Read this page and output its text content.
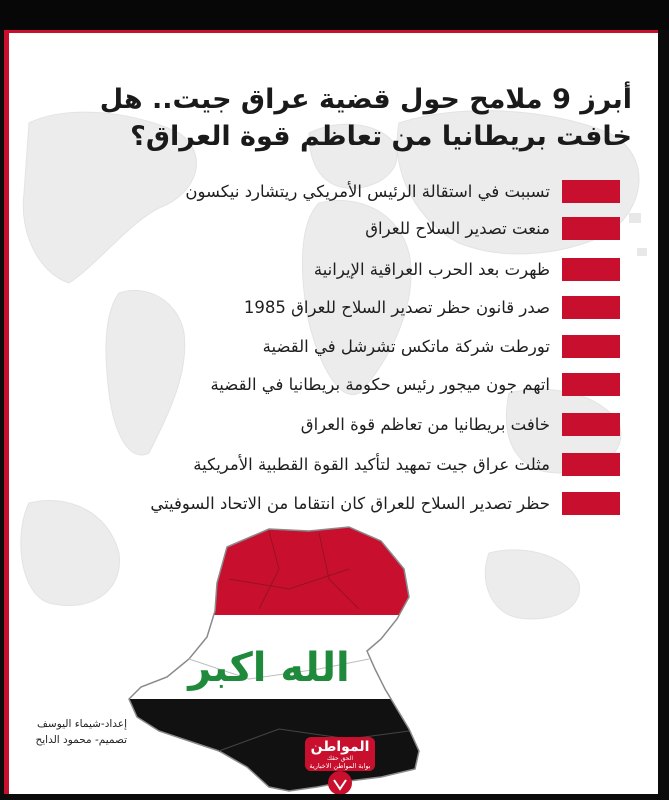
أبرز 9 ملامح حول قضية عراق جيت.. هل خافت بريطانيا من تعاظم قوة العراق؟
تسببت في استقالة الرئيس الأمريكي ريتشارد نيكسون
منعت تصدير السلاح للعراق
ظهرت بعد الحرب العراقية الإيرانية
صدر قانون حظر تصدير السلاح للعراق 1985
تورطت شركة ماتكس تشرشل في القضية
اتهم جون ميجور رئيس حكومة بريطانيا في القضية
خافت بريطانيا من تعاظم قوة العراق
مثلت عراق جيت تمهيد لتأكيد القوة القطبية الأمريكية
حظر تصدير السلاح للعراق كان انتقاما من الاتحاد السوفيتي
الله اكبر
إعداد-شيماء اليوسف
تصميم- محمود الدايح	المواطن
الحق حقك
بوابة المواطن الاخبارية
